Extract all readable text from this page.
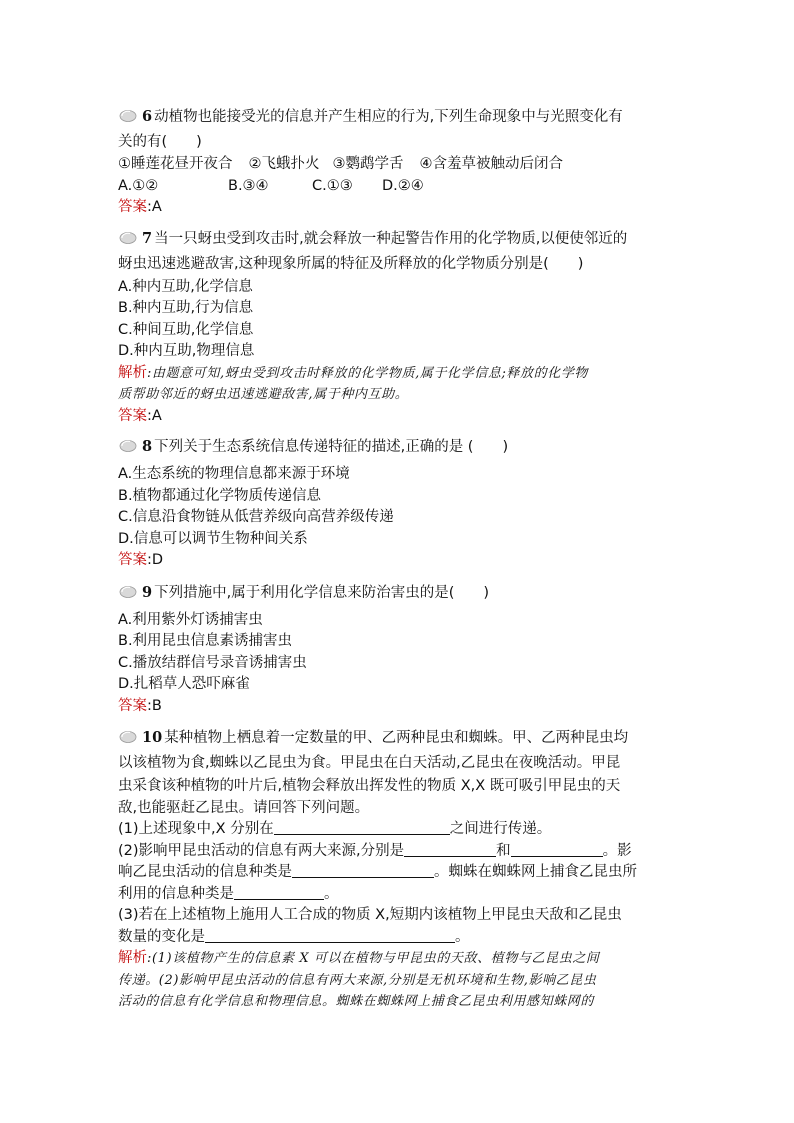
6 动植物也能接受光的信息并产生相应的行为,下列生命现象中与光照变化有
关的有(　　)
①睡莲花昼开夜合 ②飞蛾扑火 ③鹦鹉学舌 ④含羞草被触动后闭合
A.①②	B.③④	C.①③ D.②④
答案:A
7 当一只蚜虫受到攻击时,就会释放一种起警告作用的化学物质,以便使邻近的
蚜虫迅速逃避敌害,这种现象所属的特征及所释放的化学物质分别是(　　)
A.种内互助,化学信息
B.种内互助,行为信息
C.种间互助,化学信息
D.种内互助,物理信息
解析:由题意可知,蚜虫受到攻击时释放的化学物质,属于化学信息;释放的化学物
质帮助邻近的蚜虫迅速逃避敌害,属于种内互助。
答案:A
8 下列关于生态系统信息传递特征的描述,正确的是 (　　)
A.生态系统的物理信息都来源于环境
B.植物都通过化学物质传递信息
C.信息沿食物链从低营养级向高营养级传递
D.信息可以调节生物种间关系
答案:D
9 下列措施中,属于利用化学信息来防治害虫的是(　　)
A.利用紫外灯诱捕害虫
B.利用昆虫信息素诱捕害虫
C.播放结群信号录音诱捕害虫
D.扎稻草人恐吓麻雀
答案:B
10 某种植物上栖息着一定数量的甲、乙两种昆虫和蜘蛛。甲、乙两种昆虫均
以该植物为食,蜘蛛以乙昆虫为食。甲昆虫在白天活动,乙昆虫在夜晚活动。甲昆
虫采食该种植物的叶片后,植物会释放出挥发性的物质 X,X 既可吸引甲昆虫的天
敌,也能驱赶乙昆虫。请回答下列问题。
(1)上述现象中,X 分别在	之间进行传递。
(2)影响甲昆虫活动的信息有两大来源,分别是	和	。影
响乙昆虫活动的信息种类是	。蜘蛛在蜘蛛网上捕食乙昆虫所
利用的信息种类是	。
(3)若在上述植物上施用人工合成的物质 X,短期内该植物上甲昆虫天敌和乙昆虫
数量的变化是	。
解析:(1)该植物产生的信息素 X 可以在植物与甲昆虫的天敌、植物与乙昆虫之间
传递。(2)影响甲昆虫活动的信息有两大来源,分别是无机环境和生物,影响乙昆虫
活动的信息有化学信息和物理信息。蜘蛛在蜘蛛网上捕食乙昆虫利用感知蛛网的
